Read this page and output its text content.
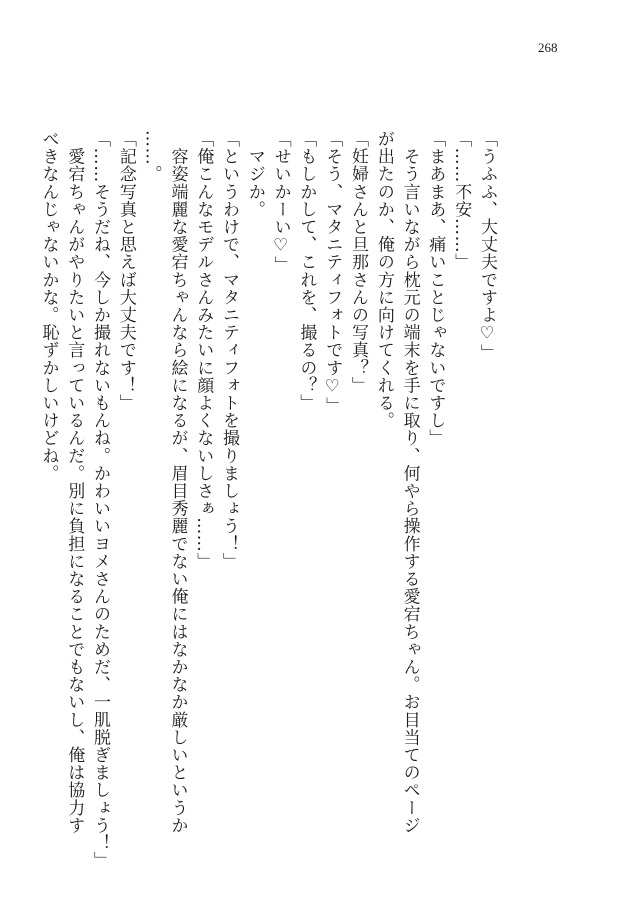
268
「うふふ、大丈夫ですよ♡」
「……不安……」
「まあまあ、痛いことじゃないですし」
　そう言いながら枕元の端末を手に取り、何やら操作する愛宕ちゃん。お目当てのページ
が出たのか、俺の方に向けてくれる。
「妊婦さんと旦那さんの写真？」
「そう、マタニティフォトです♡」
「もしかして、これを、撮るの？」
「せいかーい♡」
　マジか。
「というわけで、マタニティフォトを撮りましょう！」
「俺こんなモデルさんみたいに顔よくないしさぁ……」
　容姿端麗な愛宕ちゃんなら絵になるが、眉目秀麗でない俺にはなかなか厳しいというか
……。
「記念写真と思えば大丈夫です！」
「……そうだね、今しか撮れないもんね。かわいいヨメさんのためだ、一肌脱ぎましょう！」
　愛宕ちゃんがやりたいと言っているんだ。別に負担になることでもないし、俺は協力す
べきなんじゃないかな。恥ずかしいけどね。
